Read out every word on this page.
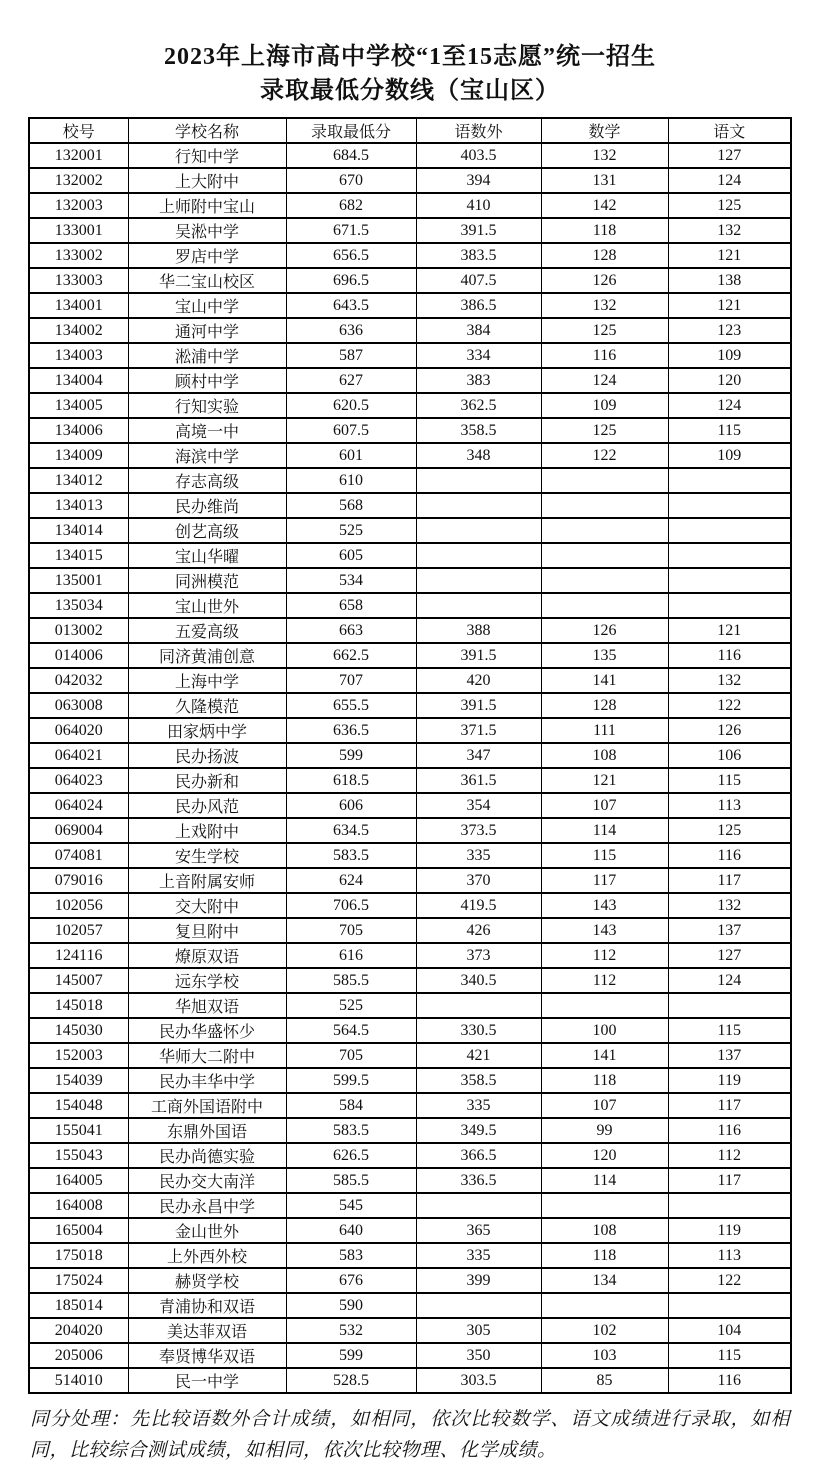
2023年上海市高中学校“1至15志愿”统一招生
录取最低分数线（宝山区）
校号	学校名称	录取最低分	语数外	数学	语文
132001	行知中学	684.5	403.5	132	127
132002	上大附中	670	394	131	124
132003	上师附中宝山	682	410	142	125
133001	吴淞中学	671.5	391.5	118	132
133002	罗店中学	656.5	383.5	128	121
133003	华二宝山校区	696.5	407.5	126	138
134001	宝山中学	643.5	386.5	132	121
134002	通河中学	636	384	125	123
134003	淞浦中学	587	334	116	109
134004	顾村中学	627	383	124	120
134005	行知实验	620.5	362.5	109	124
134006	高境一中	607.5	358.5	125	115
134009	海滨中学	601	348	122	109
134012	存志高级	610			
134013	民办维尚	568			
134014	创艺高级	525			
134015	宝山华曜	605			
135001	同洲模范	534			
135034	宝山世外	658			
013002	五爱高级	663	388	126	121
014006	同济黄浦创意	662.5	391.5	135	116
042032	上海中学	707	420	141	132
063008	久隆模范	655.5	391.5	128	122
064020	田家炳中学	636.5	371.5	111	126
064021	民办扬波	599	347	108	106
064023	民办新和	618.5	361.5	121	115
064024	民办风范	606	354	107	113
069004	上戏附中	634.5	373.5	114	125
074081	安生学校	583.5	335	115	116
079016	上音附属安师	624	370	117	117
102056	交大附中	706.5	419.5	143	132
102057	复旦附中	705	426	143	137
124116	燎原双语	616	373	112	127
145007	远东学校	585.5	340.5	112	124
145018	华旭双语	525			
145030	民办华盛怀少	564.5	330.5	100	115
152003	华师大二附中	705	421	141	137
154039	民办丰华中学	599.5	358.5	118	119
154048	工商外国语附中	584	335	107	117
155041	东鼎外国语	583.5	349.5	99	116
155043	民办尚德实验	626.5	366.5	120	112
164005	民办交大南洋	585.5	336.5	114	117
164008	民办永昌中学	545			
165004	金山世外	640	365	108	119
175018	上外西外校	583	335	118	113
175024	赫贤学校	676	399	134	122
185014	青浦协和双语	590			
204020	美达菲双语	532	305	102	104
205006	奉贤博华双语	599	350	103	115
514010	民一中学	528.5	303.5	85	116

同分处理：先比较语数外合计成绩，如相同，依次比较数学、语文成绩进行录取，如相同，比较综合测试成绩，如相同，依次比较物理、化学成绩。
